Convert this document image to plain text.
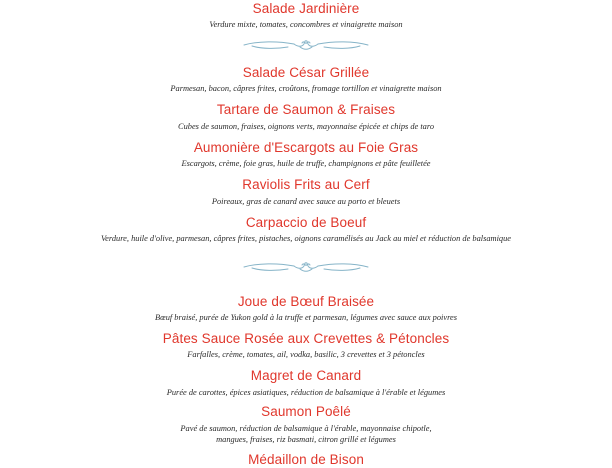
Salade Jardinière
Verdure mixte, tomates, concombres et vinaigrette maison
Salade César Grillée
Parmesan, bacon, câpres frites, croûtons, fromage tortillon et vinaigrette maison
Tartare de Saumon & Fraises
Cubes de saumon, fraises, oignons verts, mayonnaise épicée et chips de taro
Aumonière d'Escargots au Foie Gras
Escargots, crème, foie gras, huile de truffe, champignons et pâte feuilletée
Raviolis Frits au Cerf
Poireaux, gras de canard avec sauce au porto et bleuets
Carpaccio de Boeuf
Verdure, huile d'olive, parmesan, câpres frites, pistaches, oignons caramélisés au Jack au miel et réduction de balsamique
Joue de Bœuf Braisée
Bœuf braisé, purée de Yukon gold à la truffe et parmesan, légumes avec sauce aux poivres
Pâtes Sauce Rosée aux Crevettes & Pétoncles
Farfalles, crème, tomates, ail, vodka, basilic, 3 crevettes et 3 pétoncles
Magret de Canard
Purée de carottes, épices asiatiques, réduction de balsamique à l'érable et légumes
Saumon Poêlé
Pavé de saumon, réduction de balsamique à l'érable, mayonnaise chipotle,
mangues, fraises, riz basmati, citron grillé et légumes
Médaillon de Bison
